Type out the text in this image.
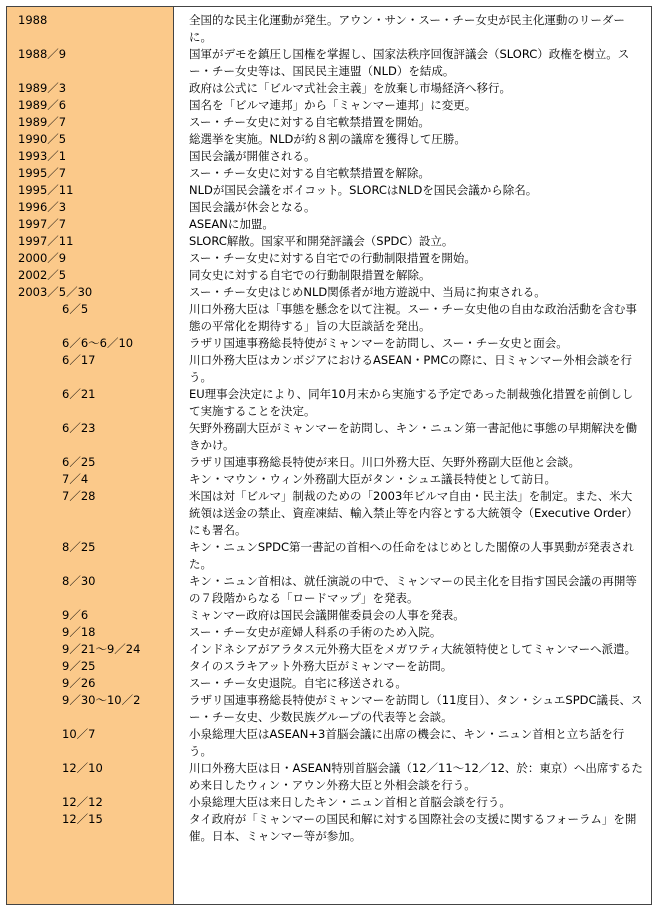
1988	全国的な民主化運動が発生。アウン・サン・スー・チー女史が民主化運動のリーダーに。
1988／9	国軍がデモを鎮圧し国権を掌握し、国家法秩序回復評議会（SLORC）政権を樹立。スー・チー女史等は、国民民主連盟（NLD）を結成。
1989／3	政府は公式に「ビルマ式社会主義」を放棄し市場経済へ移行。
1989／6	国名を「ビルマ連邦」から「ミャンマー連邦」に変更。
1989／7	スー・チー女史に対する自宅軟禁措置を開始。
1990／5	総選挙を実施。NLDが約８割の議席を獲得して圧勝。
1993／1	国民会議が開催される。
1995／7	スー・チー女史に対する自宅軟禁措置を解除。
1995／11	NLDが国民会議をボイコット。SLORCはNLDを国民会議から除名。
1996／3	国民会議が休会となる。
1997／7	ASEANに加盟。
1997／11	SLORC解散。国家平和開発評議会（SPDC）設立。
2000／9	スー・チー女史に対する自宅での行動制限措置を開始。
2002／5	同女史に対する自宅での行動制限措置を解除。
2003／5／30	スー・チー女史はじめNLD関係者が地方遊説中、当局に拘束される。
6／5	川口外務大臣は「事態を懸念を以て注視。スー・チー女史他の自由な政治活動を含む事態の平常化を期待する」旨の大臣談話を発出。
6／6～6／10	ラザリ国連事務総長特使がミャンマーを訪問し、スー・チー女史と面会。
6／17	川口外務大臣はカンボジアにおけるASEAN・PMCの際に、日ミャンマー外相会談を行う。
6／21	EU理事会決定により、同年10月末から実施する予定であった制裁強化措置を前倒しして実施することを決定。
6／23	矢野外務副大臣がミャンマーを訪問し、キン・ニュン第一書記他に事態の早期解決を働きかけ。
6／25	ラザリ国連事務総長特使が来日。川口外務大臣、矢野外務副大臣他と会談。
7／4	キン・マウン・ウィン外務副大臣がタン・シュエ議長特使として訪日。
7／28	米国は対「ビルマ」制裁のための「2003年ビルマ自由・民主法」を制定。また、米大統領は送金の禁止、資産凍結、輸入禁止等を内容とする大統領令（Executive Order）にも署名。
8／25	キン・ニュンSPDC第一書記の首相への任命をはじめとした閣僚の人事異動が発表された。
8／30	キン・ニュン首相は、就任演説の中で、ミャンマーの民主化を目指す国民会議の再開等の７段階からなる「ロードマップ」を発表。
9／6	ミャンマー政府は国民会議開催委員会の人事を発表。
9／18	スー・チー女史が産婦人科系の手術のため入院。
9／21～9／24	インドネシアがアラタス元外務大臣をメガワティ大統領特使としてミャンマーへ派遣。
9／25	タイのスラキアット外務大臣がミャンマーを訪問。
9／26	スー・チー女史退院。自宅に移送される。
9／30～10／2	ラザリ国連事務総長特使がミャンマーを訪問し（11度目）、タン・シュエSPDC議長、スー・チー女史、少数民族グループの代表等と会談。
10／7	小泉総理大臣はASEAN+3首脳会議に出席の機会に、キン・ニュン首相と立ち話を行う。
12／10	川口外務大臣は日・ASEAN特別首脳会議（12／11～12／12、於：東京）へ出席するため来日したウィン・アウン外務大臣と外相会談を行う。
12／12	小泉総理大臣は来日したキン・ニュン首相と首脳会談を行う。
12／15	タイ政府が「ミャンマーの国民和解に対する国際社会の支援に関するフォーラム」を開催。日本、ミャンマー等が参加。
